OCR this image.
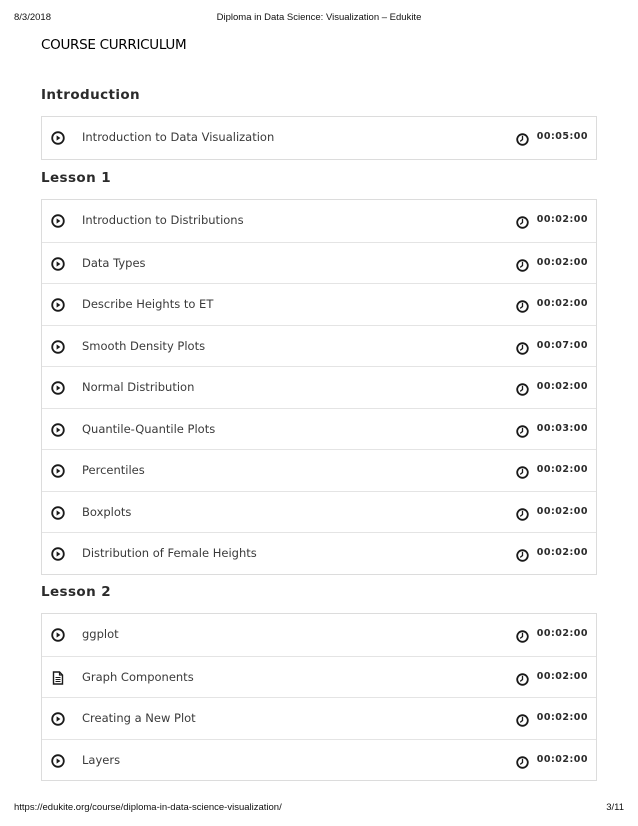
8/3/2018	Diploma in Data Science: Visualization – Edukite
COURSE CURRICULUM
Introduction
Introduction to Data Visualization	00:05:00
Lesson 1
Introduction to Distributions	00:02:00
Data Types	00:02:00
Describe Heights to ET	00:02:00
Smooth Density Plots	00:07:00
Normal Distribution	00:02:00
Quantile-Quantile Plots	00:03:00
Percentiles	00:02:00
Boxplots	00:02:00
Distribution of Female Heights	00:02:00
Lesson 2
ggplot	00:02:00
Graph Components	00:02:00
Creating a New Plot	00:02:00
Layers	00:02:00
https://edukite.org/course/diploma-in-data-science-visualization/	3/11
